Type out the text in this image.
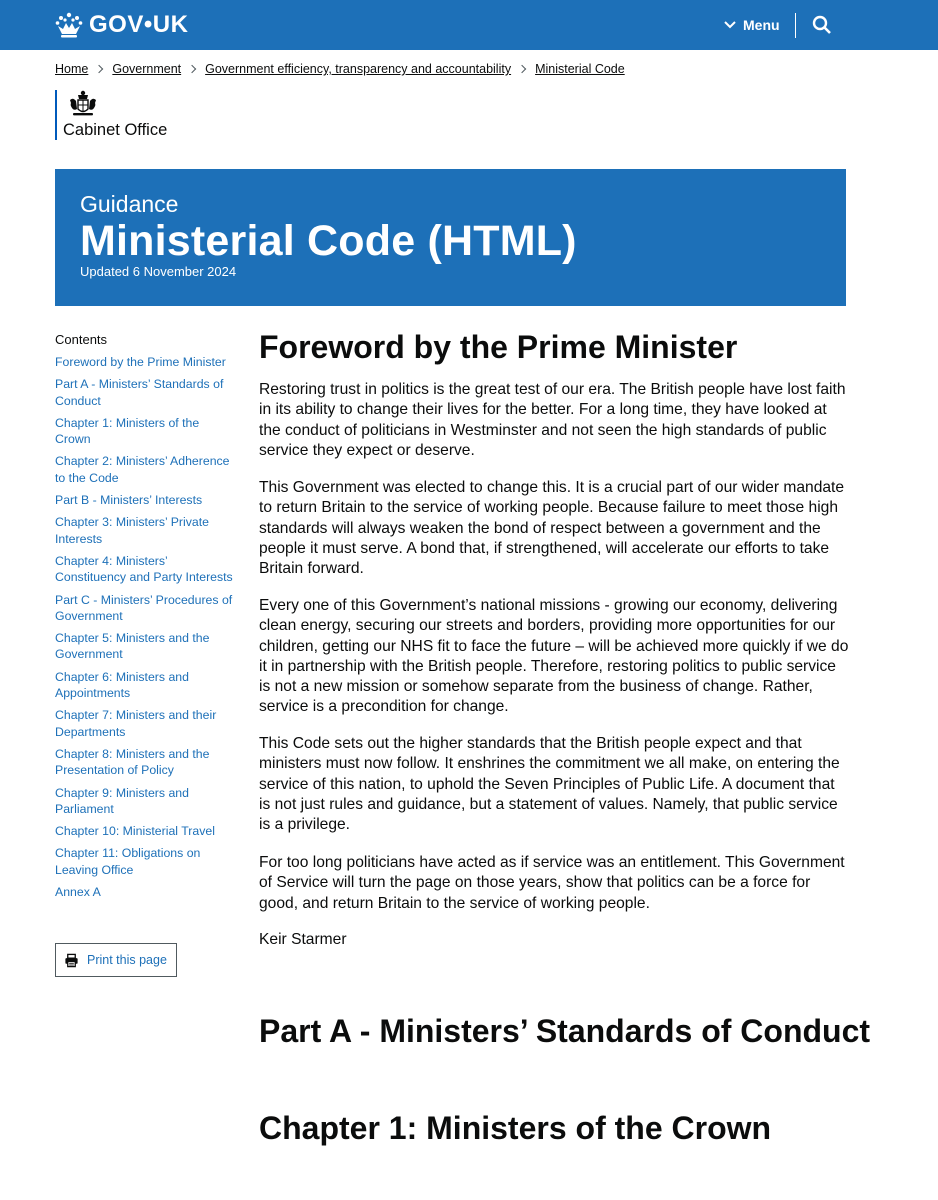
GOV•UK	Menu
Home Government Government efficiency, transparency and accountability Ministerial Code
Cabinet Office
Guidance
Ministerial Code (HTML)
Updated 6 November 2024
Contents
Foreword by the Prime Minister
Part A - Ministers’ Standards of Conduct
Chapter 1: Ministers of the Crown
Chapter 2: Ministers’ Adherence to the Code
Part B - Ministers’ Interests
Chapter 3: Ministers’ Private Interests
Chapter 4: Ministers’ Constituency and Party Interests
Part C - Ministers’ Procedures of Government
Chapter 5: Ministers and the Government
Chapter 6: Ministers and Appointments
Chapter 7: Ministers and their Departments
Chapter 8: Ministers and the Presentation of Policy
Chapter 9: Ministers and Parliament
Chapter 10: Ministerial Travel
Chapter 11: Obligations on Leaving Office
Annex A
Print this page
Foreword by the Prime Minister

Restoring trust in politics is the great test of our era. The British people have lost faith in its ability to change their lives for the better. For a long time, they have looked at the conduct of politicians in Westminster and not seen the high standards of public service they expect or deserve.

This Government was elected to change this. It is a crucial part of our wider mandate to return Britain to the service of working people. Because failure to meet those high standards will always weaken the bond of respect between a government and the people it must serve. A bond that, if strengthened, will accelerate our efforts to take Britain forward.

Every one of this Government’s national missions - growing our economy, delivering clean energy, securing our streets and borders, providing more opportunities for our children, getting our NHS fit to face the future – will be achieved more quickly if we do it in partnership with the British people. Therefore, restoring politics to public service is not a new mission or somehow separate from the business of change. Rather, service is a precondition for change.

This Code sets out the higher standards that the British people expect and that ministers must now follow. It enshrines the commitment we all make, on entering the service of this nation, to uphold the Seven Principles of Public Life. A document that is not just rules and guidance, but a statement of values. Namely, that public service is a privilege.

For too long politicians have acted as if service was an entitlement. This Government of Service will turn the page on those years, show that politics can be a force for good, and return Britain to the service of working people.

Keir Starmer

Part A - Ministers’ Standards of Conduct
Chapter 1: Ministers of the Crown
